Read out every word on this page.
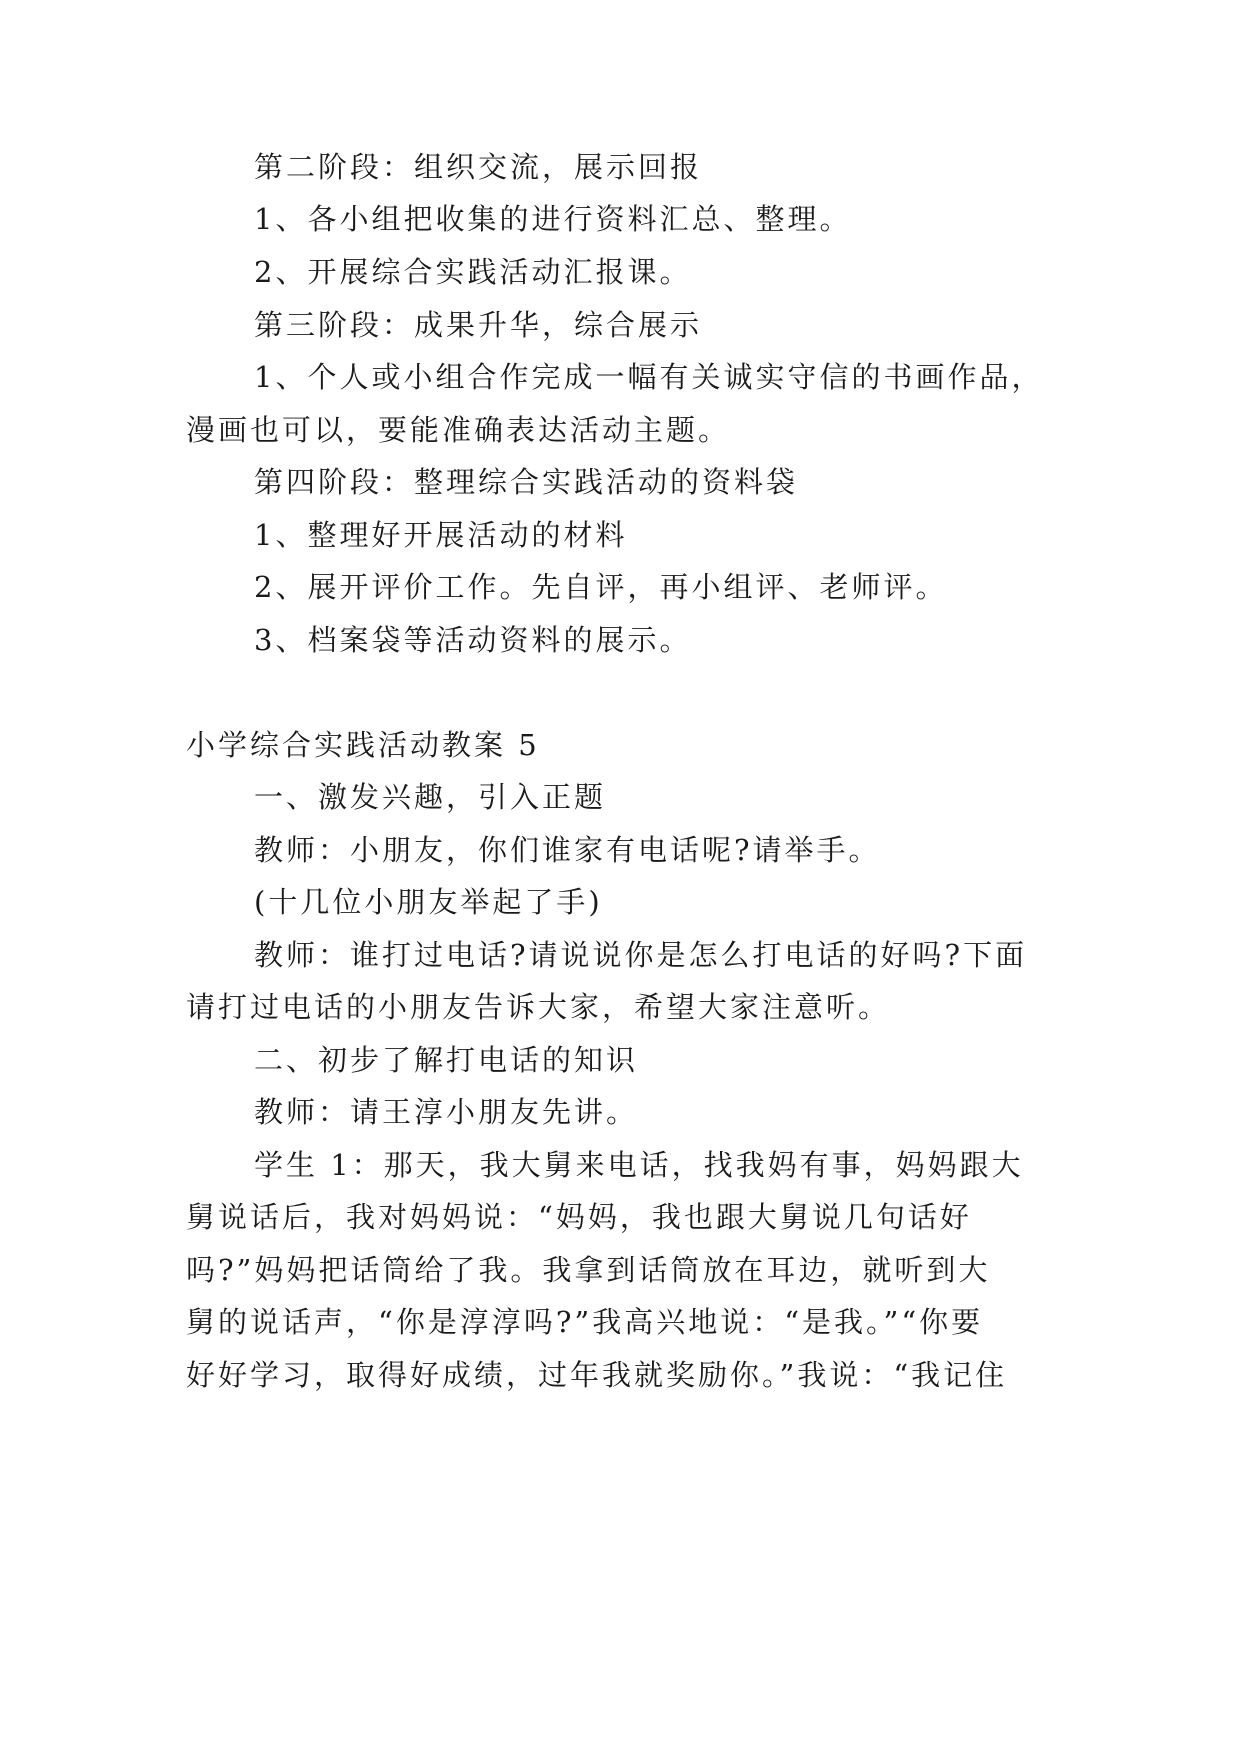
第二阶段：组织交流，展示回报
1、各小组把收集的进行资料汇总、整理。
2、开展综合实践活动汇报课。
第三阶段：成果升华，综合展示
1、个人或小组合作完成一幅有关诚实守信的书画作品，
漫画也可以，要能准确表达活动主题。
第四阶段：整理综合实践活动的资料袋
1、整理好开展活动的材料
2、展开评价工作。先自评，再小组评、老师评。
3、档案袋等活动资料的展示。
小学综合实践活动教案 5
一、激发兴趣，引入正题
教师：小朋友，你们谁家有电话呢?请举手。
(十几位小朋友举起了手)
教师：谁打过电话?请说说你是怎么打电话的好吗?下面
请打过电话的小朋友告诉大家，希望大家注意听。
二、初步了解打电话的知识
教师：请王淳小朋友先讲。
学生 1：那天，我大舅来电话，找我妈有事，妈妈跟大
舅说话后，我对妈妈说：“妈妈，我也跟大舅说几句话好
吗?”妈妈把话筒给了我。我拿到话筒放在耳边，就听到大
舅的说话声，“你是淳淳吗?”我高兴地说：“是我。”“你要
好好学习，取得好成绩，过年我就奖励你。”我说：“我记住
